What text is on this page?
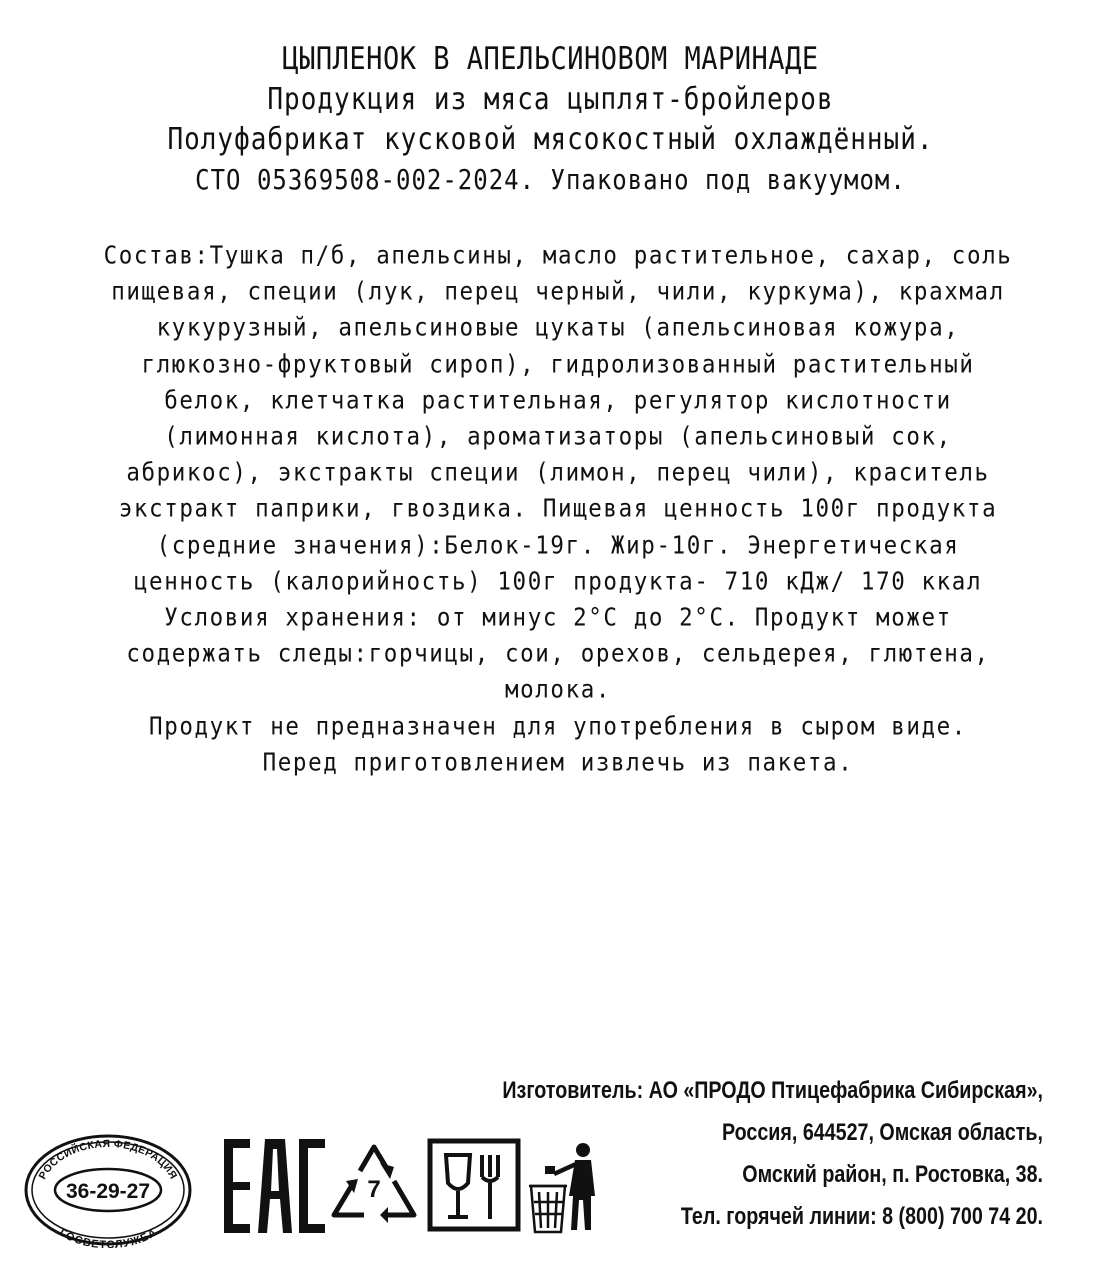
ЦЫПЛЕНОК В АПЕЛЬСИНОВОМ МАРИНАДЕ
Продукция из мяса цыплят-бройлеров
Полуфабрикат кусковой мясокостный охлаждённый.
СТО 05369508-002-2024. Упаковано под вакуумом.
Состав:Тушка п/б, апельсины, масло растительное, сахар, соль
пищевая, специи (лук, перец черный, чили, куркума), крахмал
кукурузный, апельсиновые цукаты (апельсиновая кожура,
глюкозно-фруктовый сироп), гидролизованный растительный
белок, клетчатка растительная, регулятор кислотности
(лимонная кислота), ароматизаторы (апельсиновый сок,
абрикос), экстракты специи (лимон, перец чили), краситель
экстракт паприки, гвоздика. Пищевая ценность 100г продукта
(средние значения):Белок-19г. Жир-10г. Энергетическая
ценность (калорийность) 100г продукта- 710 кДж/ 170 ккал
Условия хранения: от минус 2°С до 2°С. Продукт может
содержать следы:горчицы, сои, орехов, сельдерея, глютена,
молока.
Продукт не предназначен для употребления в сыром виде.
Перед приготовлением извлечь из пакета.
Изготовитель: АО «ПРОДО Птицефабрика Сибирская»,
Россия, 644527, Омская область,
Омский район, п. Ростовка, 38.
Тел. горячей линии: 8 (800) 700 74 20.
РОССИЙСКАЯ ФЕДЕРАЦИЯ
ГОСВЕТСЛУЖБА
36-29-27
EAC
7
